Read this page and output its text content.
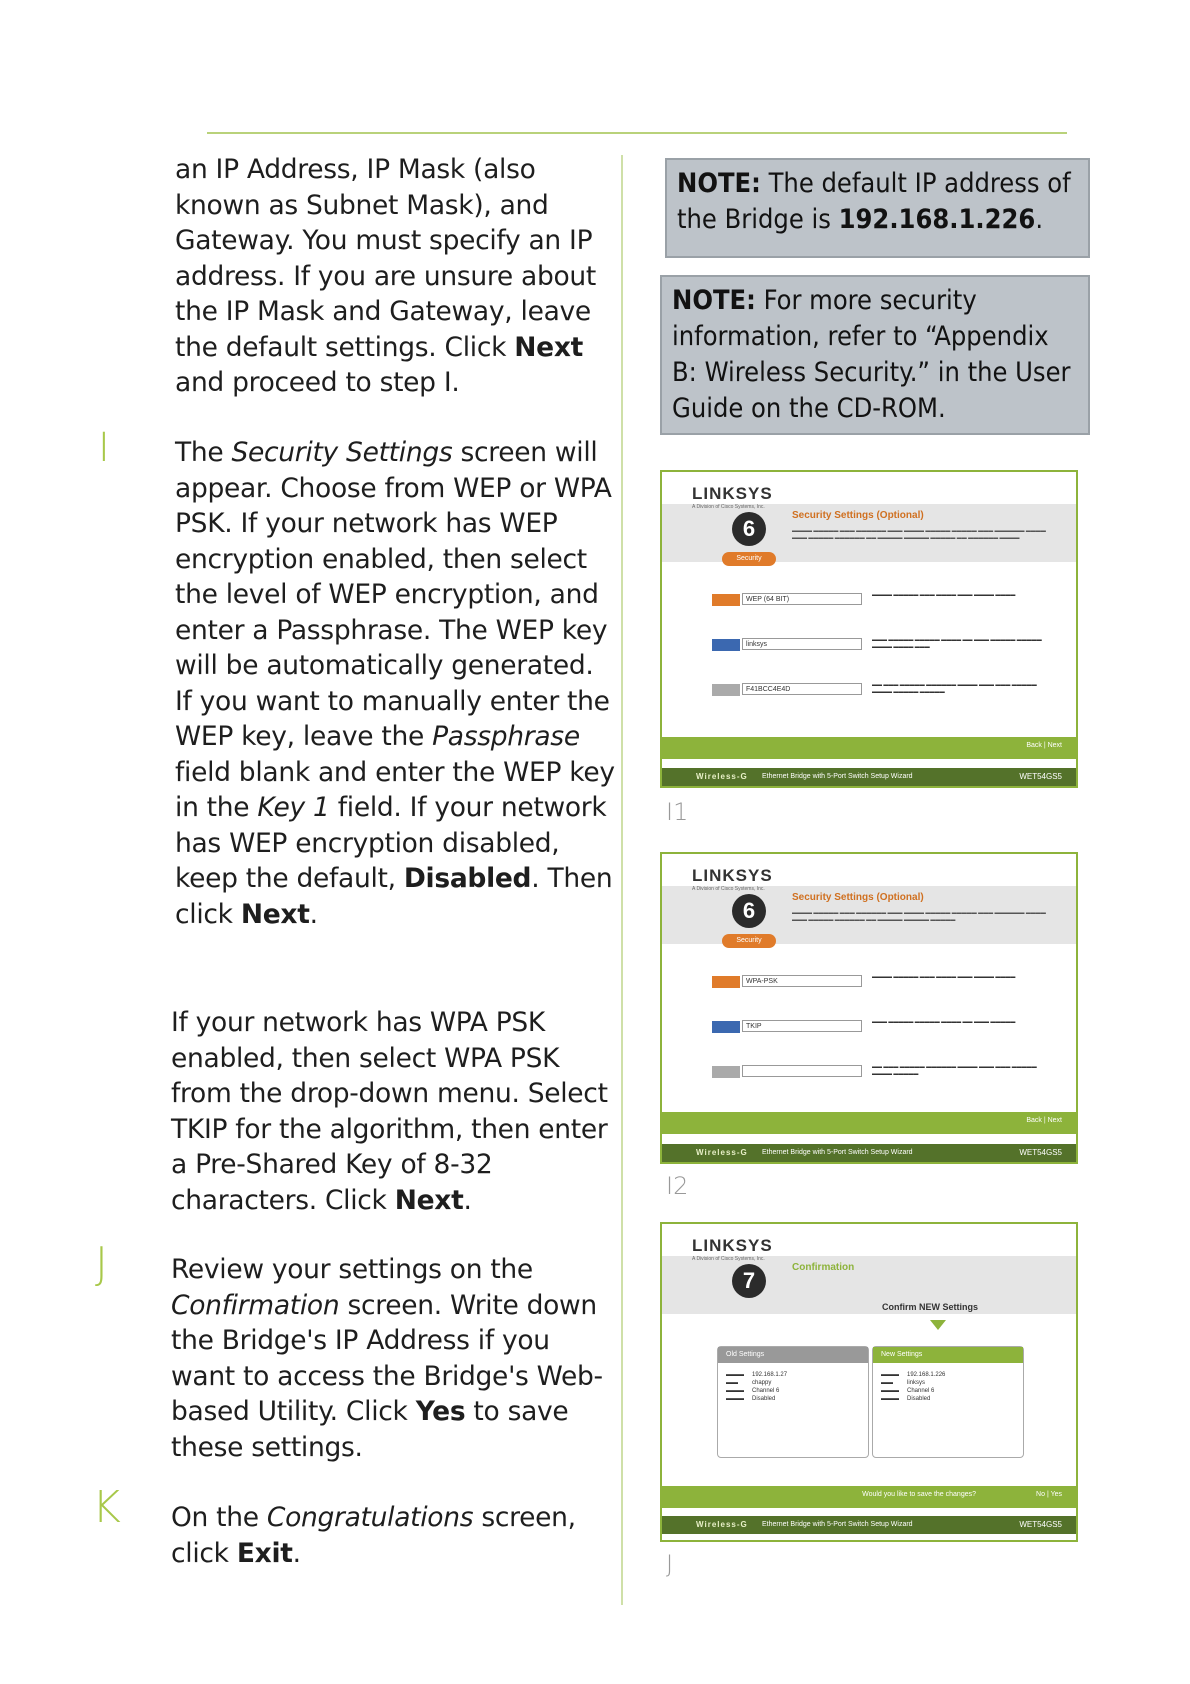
an IP Address, IP Mask (also known as Subnet Mask), and Gateway. You must specify an IP address. If you are unsure about the IP Mask and Gateway, leave the default settings. Click Next and proceed to step I.

I The Security Settings screen will appear. Choose from WEP or WPA PSK. If your network has WEP encryption enabled, then select the level of WEP encryption, and enter a Passphrase. The WEP key will be automatically generated. If you want to manually enter the WEP key, leave the Passphrase field blank and enter the WEP key in the Key 1 field. If your network has WEP encryption disabled, keep the default, Disabled. Then click Next.

If your network has WPA PSK enabled, then select WPA PSK from the drop-down menu. Select TKIP for the algorithm, then enter a Pre-Shared Key of 8-32 characters. Click Next.

J Review your settings on the Confirmation screen. Write down the Bridge's IP Address if you want to access the Bridge's Web-based Utility. Click Yes to save these settings.

K On the Congratulations screen, click Exit.

NOTE: The default IP address of the Bridge is 192.168.1.226.
NOTE: For more security information, refer to “Appendix B: Wireless Security.” in the User Guide on the CD-ROM.
LINKSYS
A Division of Cisco Systems, Inc.
6
Security
Security Settings (Optional)
▬▬▬▬ ▬▬▬▬▬ ▬▬▬ ▬▬▬▬▬▬ ▬▬▬ ▬▬▬▬ ▬▬▬▬▬ ▬▬▬▬▬ ▬▬▬ ▬▬▬▬▬▬ ▬▬▬▬ ▬▬▬ ▬▬▬▬▬ ▬▬▬▬▬▬ ▬▬ ▬▬▬▬▬ ▬▬▬▬▬ ▬▬▬▬▬ ▬▬ ▬▬▬▬▬▬ ▬▬▬▬
WEP (64 BIT)
▬▬▬▬ ▬▬▬▬▬ ▬▬▬ ▬▬▬▬ ▬▬▬ ▬▬▬▬ ▬▬▬▬
linksys
▬▬▬ ▬▬▬▬▬ ▬▬▬▬▬ ▬▬▬▬ ▬▬ ▬▬▬ ▬▬▬▬▬ ▬▬▬▬▬ ▬▬▬▬ ▬▬▬▬ ▬▬▬
F41BCC4E4D
▬▬ ▬▬▬ ▬▬▬▬▬ ▬▬▬▬▬▬ ▬▬▬▬ ▬▬▬ ▬▬▬ ▬▬▬▬▬ ▬▬▬▬ ▬▬▬▬▬ ▬▬▬▬▬
Back | Next
Wireless-G Ethernet Bridge with 5-Port Switch Setup Wizard	WET54GS5
I1
LINKSYS
A Division of Cisco Systems, Inc.
6
Security
Security Settings (Optional)
▬▬▬▬ ▬▬▬▬▬ ▬▬▬ ▬▬▬▬▬▬ ▬▬▬ ▬▬▬▬ ▬▬▬▬▬ ▬▬▬▬▬ ▬▬▬ ▬▬▬▬▬▬ ▬▬▬▬ ▬▬▬ ▬▬▬▬▬ ▬▬▬▬▬▬ ▬▬ ▬▬▬▬▬ ▬▬▬▬▬ ▬▬▬▬▬
WPA-PSK
▬▬▬▬ ▬▬▬▬▬ ▬▬▬ ▬▬▬▬ ▬▬▬ ▬▬▬▬ ▬▬▬▬
TKIP
▬▬▬ ▬▬▬▬▬ ▬▬▬▬▬ ▬▬▬▬ ▬▬ ▬▬▬ ▬▬▬▬▬
▬▬ ▬▬▬ ▬▬▬▬▬ ▬▬▬▬▬▬ ▬▬▬▬ ▬▬▬ ▬▬▬ ▬▬▬▬▬ ▬▬▬▬ ▬▬▬▬▬
Back | Next
Wireless-G Ethernet Bridge with 5-Port Switch Setup Wizard	WET54GS5
I2
LINKSYS
A Division of Cisco Systems, Inc.
7
Confirmation
Confirm NEW Settings
Old Settings
▬▬▬	192.168.1.27
▬▬	chappy
▬▬▬	Channel 6
▬▬▬	Disabled
New Settings
▬▬▬	192.168.1.226
▬▬	linksys
▬▬▬	Channel 6
▬▬▬	Disabled
Would you like to save the changes?	No | Yes
Wireless-G Ethernet Bridge with 5-Port Switch Setup Wizard	WET54GS5
J
